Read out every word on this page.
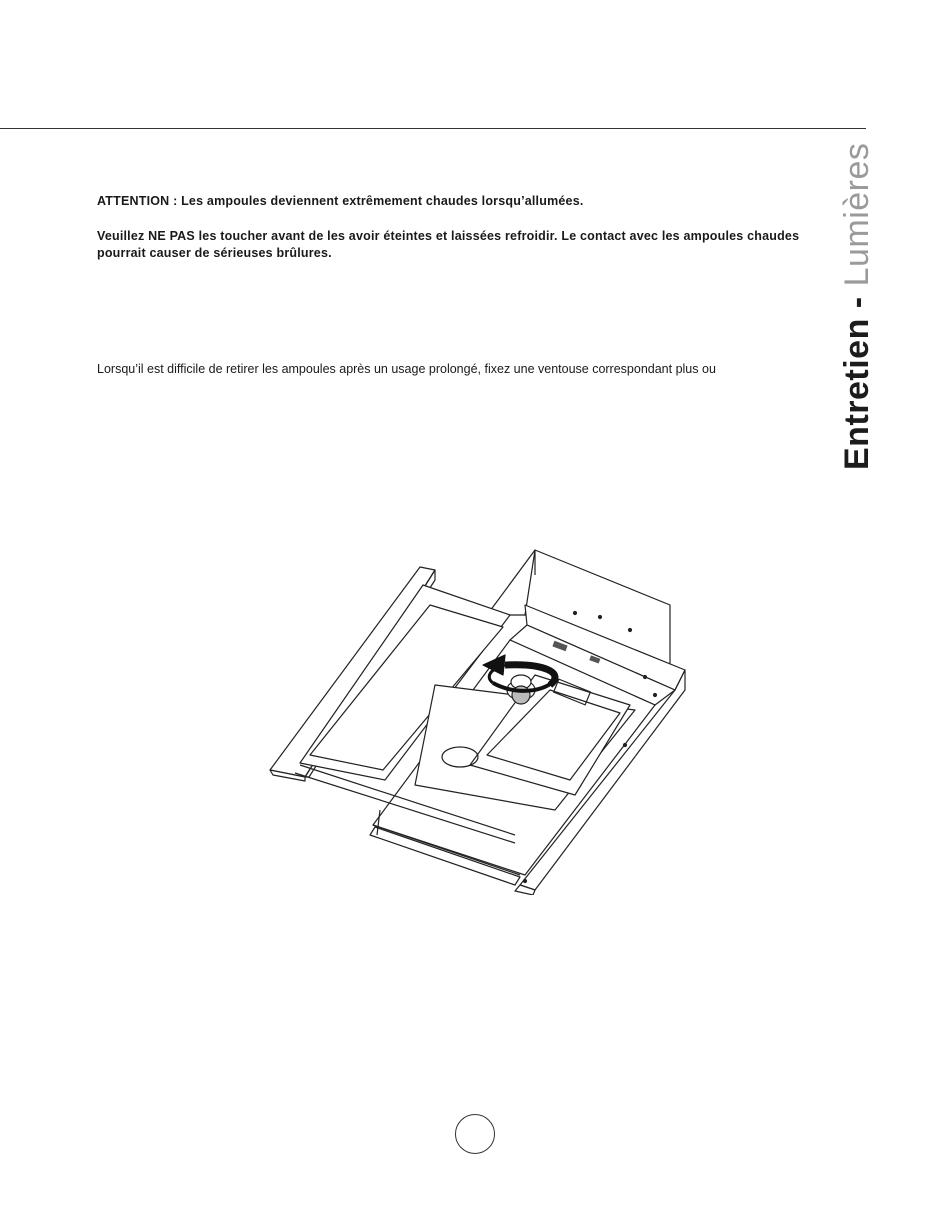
Entretien - Lumières
ATTENTION : Les ampoules deviennent extrêmement chaudes lorsqu’allumées.
Veuillez NE PAS les toucher avant de les avoir éteintes et laissées refroidir. Le contact avec les ampoules chaudes pourrait causer de sérieuses brûlures.
Lorsqu’il est difficile de retirer les ampoules après un usage prolongé, fixez une ventouse correspondant plus ou
